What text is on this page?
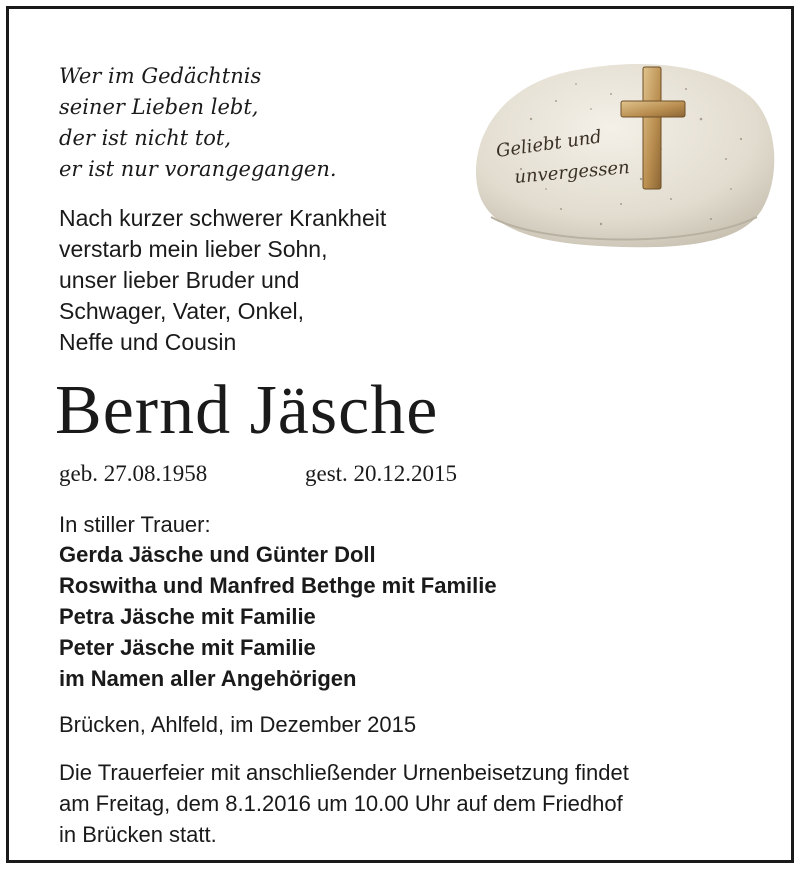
Wer im Gedächtnis
seiner Lieben lebt,
der ist nicht tot,
er ist nur vorangegangen.

Nach kurzer schwerer Krankheit
verstarb mein lieber Sohn,
unser lieber Bruder und
Schwager, Vater, Onkel,
Neffe und Cousin

Bernd Jäsche
geb. 27.08.1958	gest. 20.12.2015
In stiller Trauer:
Gerda Jäsche und Günter Doll
Roswitha und Manfred Bethge mit Familie
Petra Jäsche mit Familie
Peter Jäsche mit Familie
im Namen aller Angehörigen
Brücken, Ahlfeld, im Dezember 2015

Die Trauerfeier mit anschließender Urnenbeisetzung findet
am Freitag, dem 8.1.2016 um 10.00 Uhr auf dem Friedhof
in Brücken statt.

Geliebt und
unvergessen
